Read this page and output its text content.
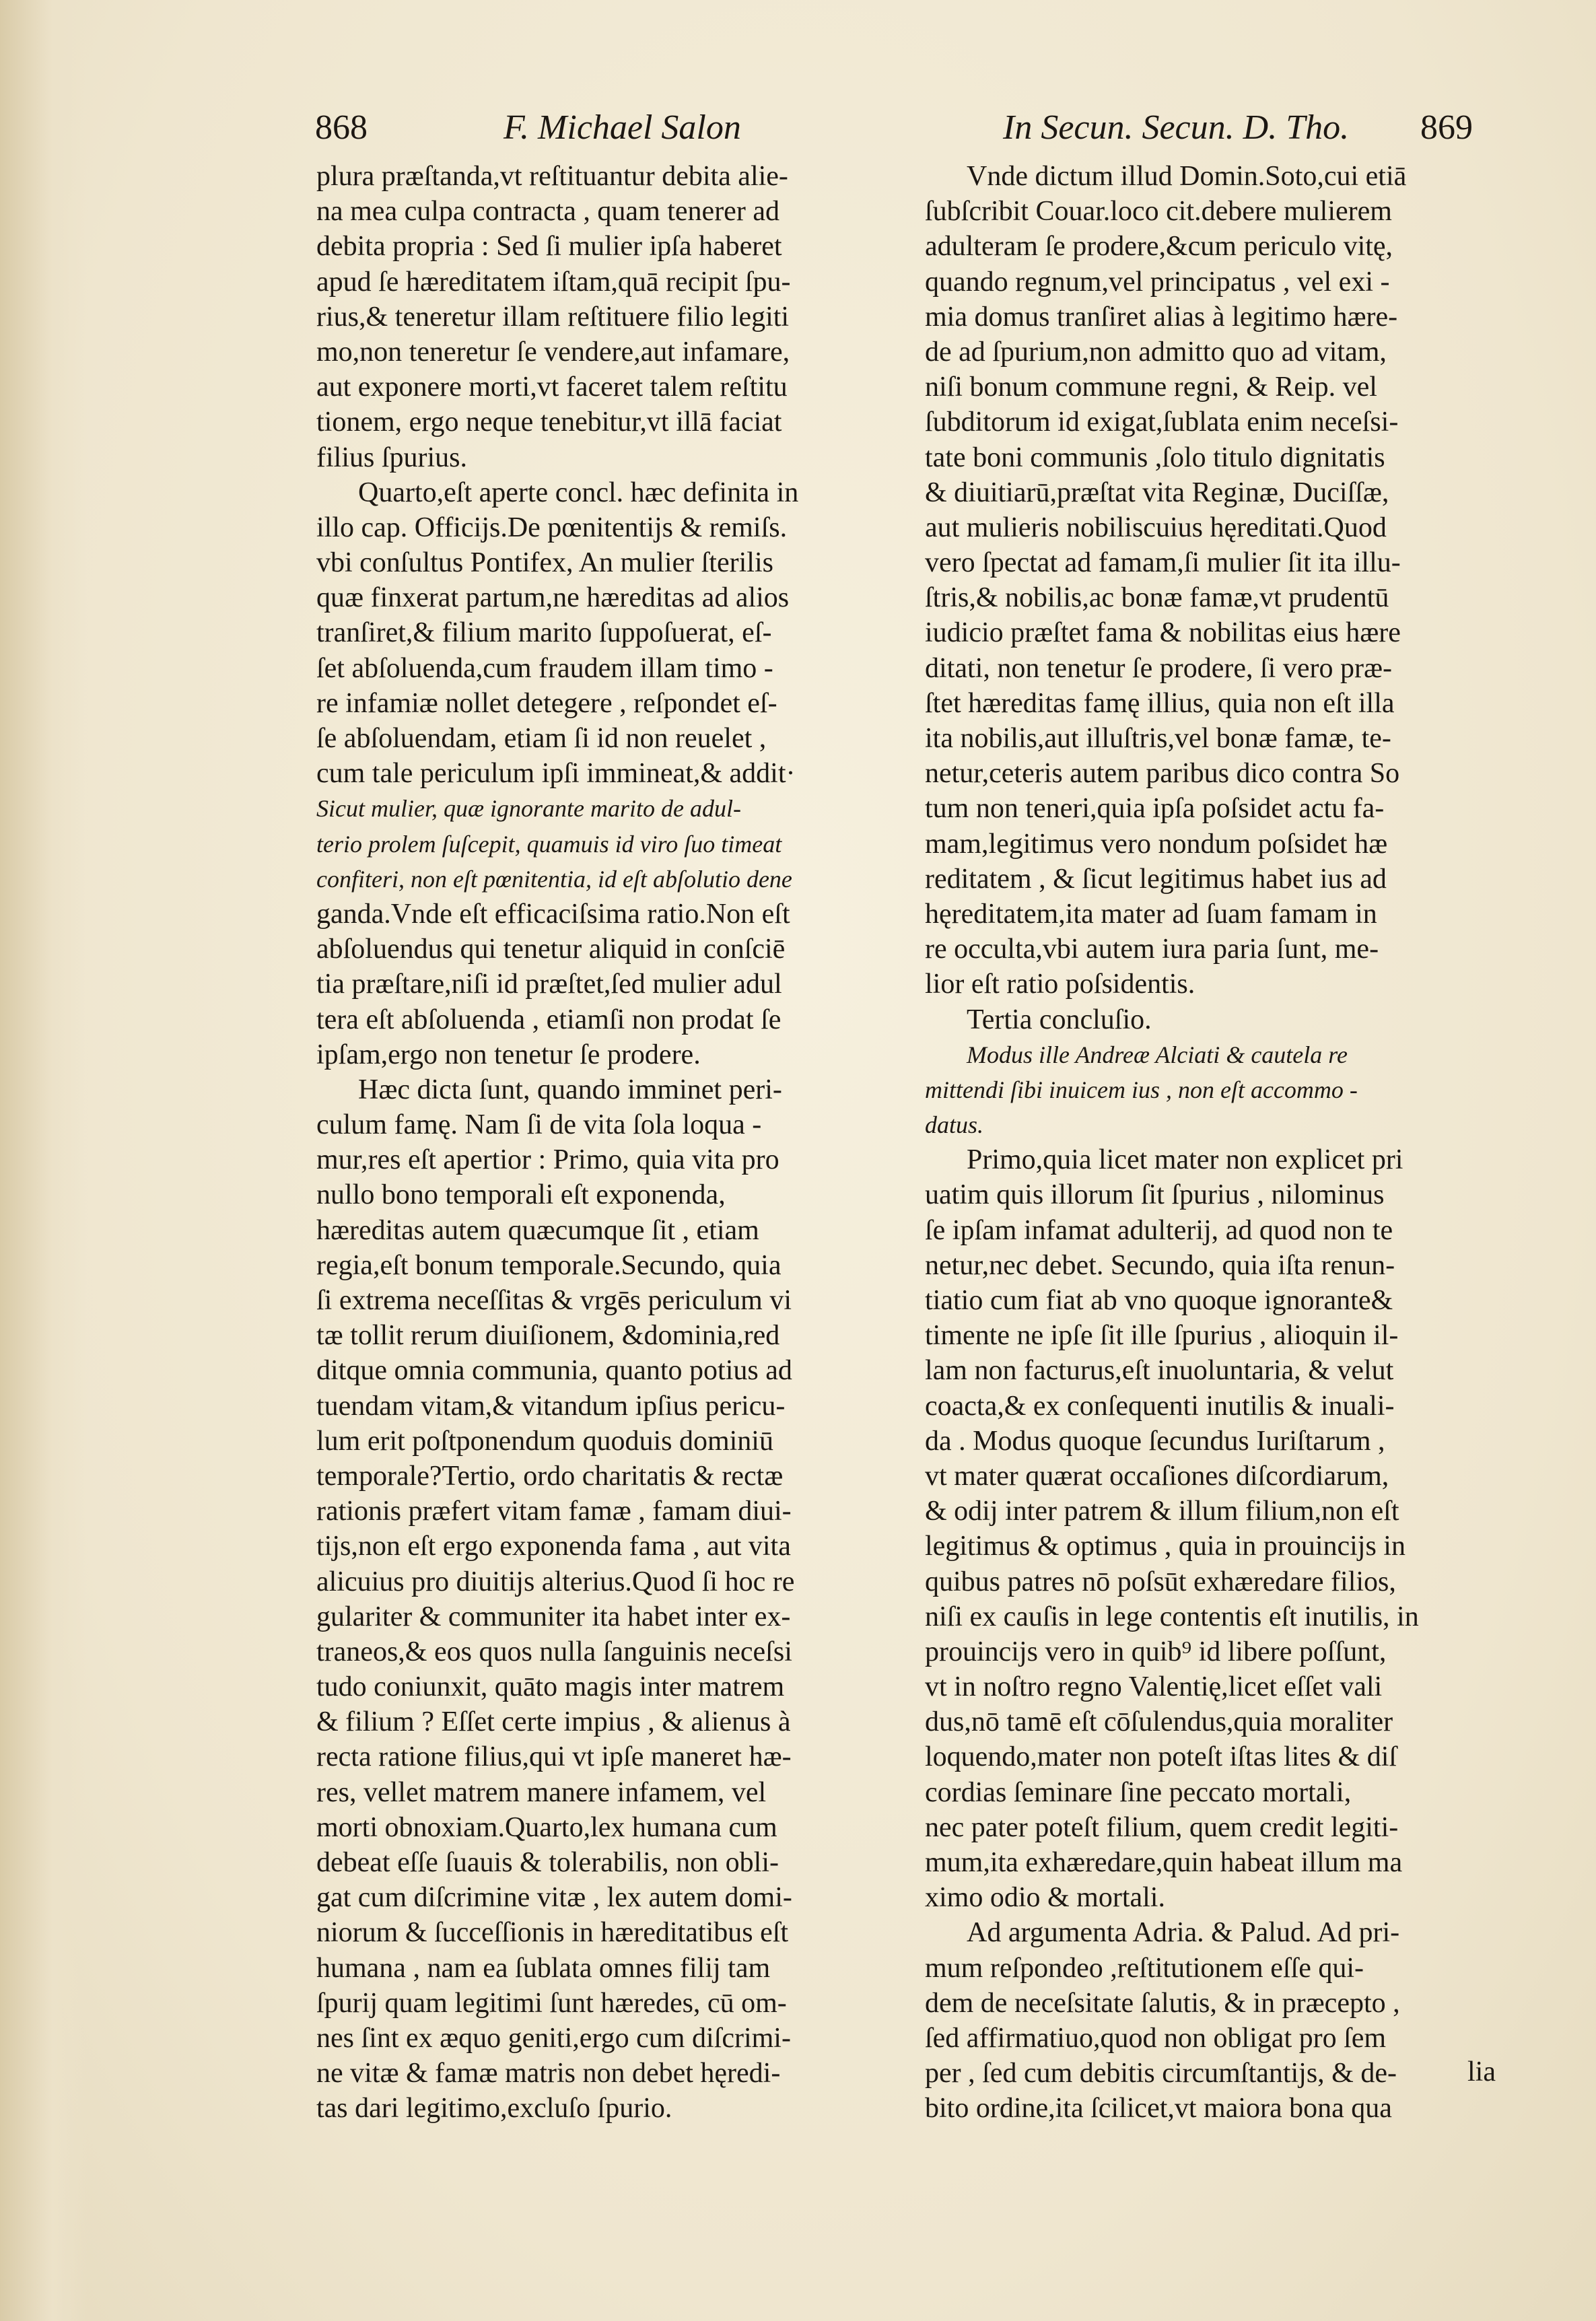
868	F. Michael Salon	In Secun. Secun. D. Tho. 869
plura præſtanda,vt reſtituantur debita alie-
na mea culpa contracta , quam tenerer ad
debita propria : Sed ſi mulier ipſa haberet
apud ſe hæreditatem iſtam,quā recipit ſpu-
rius,& teneretur illam reſtituere filio legiti
mo,non teneretur ſe vendere,aut infamare,
aut exponere morti,vt faceret talem reſtitu
tionem, ergo neque tenebitur,vt illā faciat
filius ſpurius.
Quarto,eſt aperte concl. hæc definita in
illo cap. Officijs.De pœnitentijs & remiſs.
vbi conſultus Pontifex, An mulier ſterilis
quæ finxerat partum,ne hæreditas ad alios
tranſiret,& filium marito ſuppoſuerat, eſ-
ſet abſoluenda,cum fraudem illam timo -
re infamiæ nollet detegere , reſpondet eſ-
ſe abſoluendam, etiam ſi id non reuelet ,
cum tale periculum ipſi immineat,& addit·
Sicut mulier, quæ ignorante marito de adul-
terio prolem ſuſcepit, quamuis id viro ſuo timeat
confiteri, non eſt pœnitentia, id eſt abſolutio dene
ganda.Vnde eſt efficaciſsima ratio.Non eſt
abſoluendus qui tenetur aliquid in conſciē
tia præſtare,niſi id præſtet,ſed mulier adul
tera eſt abſoluenda , etiamſi non prodat ſe
ipſam,ergo non tenetur ſe prodere.
Hæc dicta ſunt, quando imminet peri-
culum famę. Nam ſi de vita ſola loqua -
mur,res eſt apertior : Primo, quia vita pro
nullo bono temporali eſt exponenda,
hæreditas autem quæcumque ſit , etiam
regia,eſt bonum temporale.Secundo, quia
ſi extrema neceſſitas & vrgēs periculum vi
tæ tollit rerum diuiſionem, &dominia,red
ditque omnia communia, quanto potius ad
tuendam vitam,& vitandum ipſius pericu-
lum erit poſtponendum quoduis dominiū
temporale?Tertio, ordo charitatis & rectæ
rationis præfert vitam famæ , famam diui-
tijs,non eſt ergo exponenda fama , aut vita
alicuius pro diuitijs alterius.Quod ſi hoc re
gulariter & communiter ita habet inter ex-
traneos,& eos quos nulla ſanguinis neceſsi
tudo coniunxit, quāto magis inter matrem
& filium ? Eſſet certe impius , & alienus à
recta ratione filius,qui vt ipſe maneret hæ-
res, vellet matrem manere infamem, vel
morti obnoxiam.Quarto,lex humana cum
debeat eſſe ſuauis & tolerabilis, non obli-
gat cum diſcrimine vitæ , lex autem domi-
niorum & ſucceſſionis in hæreditatibus eſt
humana , nam ea ſublata omnes filij tam
ſpurij quam legitimi ſunt hæredes, cū om-
nes ſint ex æquo geniti,ergo cum diſcrimi-
ne vitæ & famæ matris non debet hęredi-
tas dari legitimo,excluſo ſpurio.
Vnde dictum illud Domin.Soto,cui etiā
ſubſcribit Couar.loco cit.debere mulierem
adulteram ſe prodere,&cum periculo vitę,
quando regnum,vel principatus , vel exi -
mia domus tranſiret alias à legitimo hære-
de ad ſpurium,non admitto quo ad vitam,
niſi bonum commune regni, & Reip. vel
ſubditorum id exigat,ſublata enim neceſsi-
tate boni communis ,ſolo titulo dignitatis
& diuitiarū,præſtat vita Reginæ, Duciſſæ,
aut mulieris nobiliscuius hęreditati.Quod
vero ſpectat ad famam,ſi mulier ſit ita illu-
ſtris,& nobilis,ac bonæ famæ,vt prudentū
iudicio præſtet fama & nobilitas eius hære
ditati, non tenetur ſe prodere, ſi vero præ-
ſtet hæreditas famę illius, quia non eſt illa
ita nobilis,aut illuſtris,vel bonæ famæ, te-
netur,ceteris autem paribus dico contra So
tum non teneri,quia ipſa poſsidet actu fa-
mam,legitimus vero nondum poſsidet hæ
reditatem , & ſicut legitimus habet ius ad
hęreditatem,ita mater ad ſuam famam in
re occulta,vbi autem iura paria ſunt, me-
lior eſt ratio poſsidentis.
Tertia concluſio.
Modus ille Andreæ Alciati & cautela re
mittendi ſibi inuicem ius , non eſt accommo -
datus.
Primo,quia licet mater non explicet pri
uatim quis illorum ſit ſpurius , nilominus
ſe ipſam infamat adulterij, ad quod non te
netur,nec debet. Secundo, quia iſta renun-
tiatio cum fiat ab vno quoque ignorante&
timente ne ipſe ſit ille ſpurius , alioquin il-
lam non facturus,eſt inuoluntaria, & velut
coacta,& ex conſequenti inutilis & inuali-
da . Modus quoque ſecundus Iuriſtarum ,
vt mater quærat occaſiones diſcordiarum,
& odij inter patrem & illum filium,non eſt
legitimus & optimus , quia in prouincijs in
quibus patres nō poſsūt exhæredare filios,
niſi ex cauſis in lege contentis eſt inutilis, in
prouincijs vero in quib⁹ id libere poſſunt,
vt in noſtro regno Valentię,licet eſſet vali
dus,nō tamē eſt cōſulendus,quia moraliter
loquendo,mater non poteſt iſtas lites & diſ
cordias ſeminare ſine peccato mortali,
nec pater poteſt filium, quem credit legiti-
mum,ita exhæredare,quin habeat illum ma
ximo odio & mortali.
Ad argumenta Adria. & Palud. Ad pri-
mum reſpondeo ,reſtitutionem eſſe qui-
dem de neceſsitate ſalutis, & in præcepto ,
ſed affirmatiuo,quod non obligat pro ſem
per , ſed cum debitis circumſtantijs, & de-
bito ordine,ita ſcilicet,vt maiora bona qua
lia
